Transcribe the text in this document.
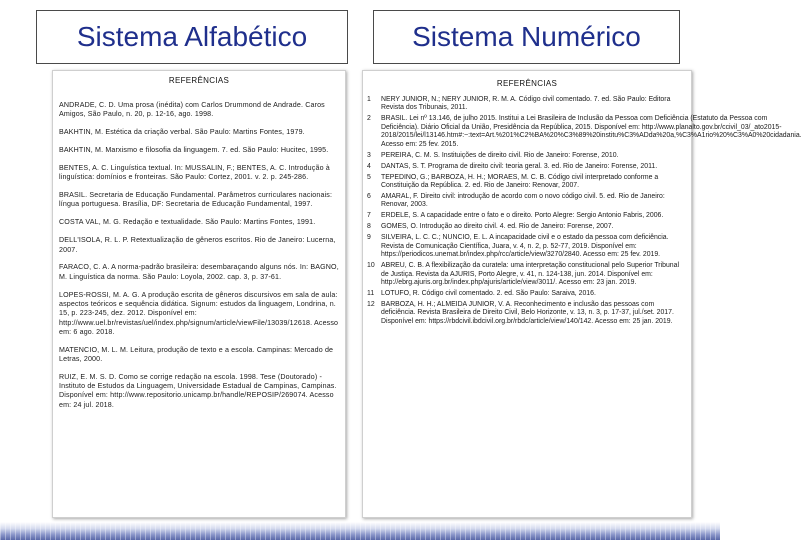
Sistema Alfabético	Sistema Numérico
REFERÊNCIAS

ANDRADE, C. D. Uma prosa (inédita) com Carlos Drummond de Andrade. Caros Amigos, São Paulo, n. 20, p. 12-16, ago. 1998.

BAKHTIN, M. Estética da criação verbal. São Paulo: Martins Fontes, 1979.

BAKHTIN, M. Marxismo e filosofia da linguagem. 7. ed. São Paulo: Hucitec, 1995.

BENTES, A. C. Linguística textual. In: MUSSALIN, F.; BENTES, A. C. Introdução à linguística: domínios e fronteiras. São Paulo: Cortez, 2001. v. 2. p. 245-286.

BRASIL. Secretaria de Educação Fundamental. Parâmetros curriculares nacionais: língua portuguesa. Brasília, DF: Secretaria de Educação Fundamental, 1997.

COSTA VAL, M. G. Redação e textualidade. São Paulo: Martins Fontes, 1991.

DELL'ISOLA, R. L. P. Retextualização de gêneros escritos. Rio de Janeiro: Lucerna, 2007.

FARACO, C. A. A norma-padrão brasileira: desembaraçando alguns nós. In: BAGNO, M. Linguística da norma. São Paulo: Loyola, 2002. cap. 3, p. 37-61.

LOPES-ROSSI, M. A. G. A produção escrita de gêneros discursivos em sala de aula: aspectos teóricos e sequência didática. Signum: estudos da linguagem, Londrina, n. 15, p. 223-245, dez. 2012. Disponível em: http://www.uel.br/revistas/uel/index.php/signum/article/viewFile/13039/12618. Acesso em: 6 ago. 2018.

MATENCIO, M. L. M. Leitura, produção de texto e a escola. Campinas: Mercado de Letras, 2000.

RUIZ, E. M. S. D. Como se corrige redação na escola. 1998. Tese (Doutorado) - Instituto de Estudos da Linguagem, Universidade Estadual de Campinas, Campinas. Disponível em: http://www.repositorio.unicamp.br/handle/REPOSIP/269074. Acesso em: 24 jul. 2018.

REFERÊNCIAS
1	NERY JUNIOR, N.; NERY JUNIOR, R. M. A. Código civil comentado. 7. ed. São Paulo: Editora Revista dos Tribunais, 2011.
2	BRASIL. Lei nº 13.146, de julho 2015. Institui a Lei Brasileira de Inclusão da Pessoa com Deficiência (Estatuto da Pessoa com Deficiência). Diário Oficial da União, Presidência da República, 2015. Disponível em: http://www.planalto.gov.br/ccivil_03/_ato2015-2018/2015/lei/l13146.htm#:~:text=Art.%201%C2%BA%20%C3%89%20institu%C3%ADda%20a,%C3%A1rio%20%C3%A0%20cidadania. Acesso em: 25 fev. 2015.
3	PEREIRA, C. M. S. Instituições de direito civil. Rio de Janeiro: Forense, 2010.
4	DANTAS, S. T. Programa de direito civil: teoria geral. 3. ed. Rio de Janeiro: Forense, 2011.
5	TEPEDINO, G.; BARBOZA, H. H.; MORAES, M. C. B. Código civil interpretado conforme a Constituição da República. 2. ed. Rio de Janeiro: Renovar, 2007.
6	AMARAL, F. Direito civil: introdução de acordo com o novo código civil. 5. ed. Rio de Janeiro: Renovar, 2003.
7	ERDELE, S. A capacidade entre o fato e o direito. Porto Alegre: Sergio Antonio Fabris, 2006.
8	GOMES, O. Introdução ao direito civil. 4. ed. Rio de Janeiro: Forense, 2007.
9	SILVEIRA, L. C. C.; NUNCIO, E. L. A incapacidade civil e o estado da pessoa com deficiência. Revista de Comunicação Científica, Juara, v. 4, n. 2, p. 52-77, 2019. Disponível em: https://periodicos.unemat.br/index.php/rcc/article/view/3270/2840. Acesso em: 25 fev. 2019.
10 ABREU, C. B. A flexibilização da curatela: uma interpretação constitucional pelo Superior Tribunal de Justiça. Revista da AJURIS, Porto Alegre, v. 41, n. 124-138, jun. 2014. Disponível em: http://ebrg.ajuris.org.br/index.php/ajuris/article/view/3011/. Acesso em: 23 jan. 2019.
11 LOTUFO, R. Código civil comentado. 2. ed. São Paulo: Saraiva, 2016.
12 BARBOZA, H. H.; ALMEIDA JUNIOR, V. A. Reconhecimento e inclusão das pessoas com deficiência. Revista Brasileira de Direito Civil, Belo Horizonte, v. 13, n. 3, p. 17-37, jul./set. 2017. Disponível em: https://rbdcivil.ibdcivil.org.br/rbdc/article/view/140/142. Acesso em: 25 jan. 2019.
